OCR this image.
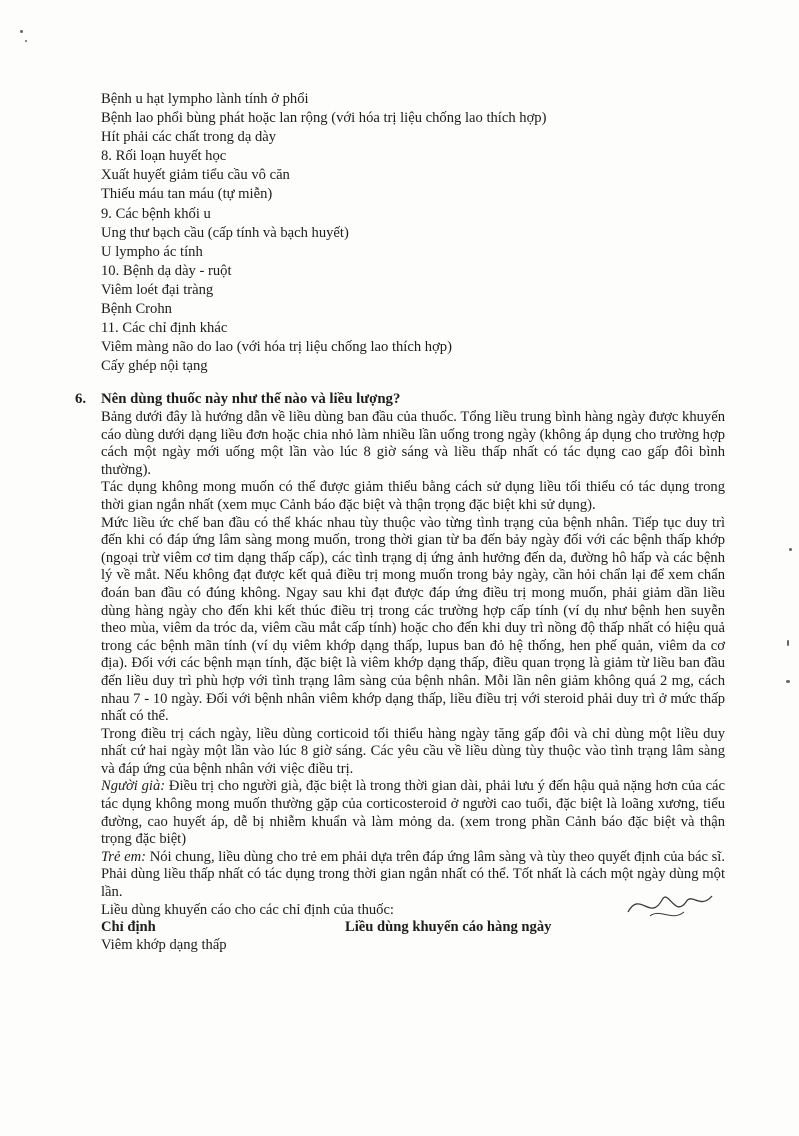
Bệnh u hạt lympho lành tính ở phổi
Bệnh lao phổi bùng phát hoặc lan rộng (với hóa trị liệu chống lao thích hợp)
Hít phải các chất trong dạ dày
8. Rối loạn huyết học
Xuất huyết giảm tiểu cầu vô căn
Thiếu máu tan máu (tự miễn)
9. Các bệnh khối u
Ung thư bạch cầu (cấp tính và bạch huyết)
U lympho ác tính
10. Bệnh dạ dày - ruột
Viêm loét đại tràng
Bệnh Crohn
11. Các chỉ định khác
Viêm màng não do lao (với hóa trị liệu chống lao thích hợp)
Cấy ghép nội tạng
6. Nên dùng thuốc này như thế nào và liều lượng?

Bảng dưới đây là hướng dẫn về liều dùng ban đầu của thuốc. Tổng liều trung bình hàng ngày được khuyến cáo dùng dưới dạng liều đơn hoặc chia nhỏ làm nhiều lần uống trong ngày (không áp dụng cho trường hợp cách một ngày mới uống một lần vào lúc 8 giờ sáng và liều thấp nhất có tác dụng cao gấp đôi bình thường).

Tác dụng không mong muốn có thể được giảm thiểu bằng cách sử dụng liều tối thiểu có tác dụng trong thời gian ngắn nhất (xem mục Cảnh báo đặc biệt và thận trọng đặc biệt khi sử dụng).

Mức liều ức chế ban đầu có thể khác nhau tùy thuộc vào từng tình trạng của bệnh nhân. Tiếp tục duy trì đến khi có đáp ứng lâm sàng mong muốn, trong thời gian từ ba đến bảy ngày đối với các bệnh thấp khớp (ngoại trừ viêm cơ tim dạng thấp cấp), các tình trạng dị ứng ảnh hưởng đến da, đường hô hấp và các bệnh lý về mắt. Nếu không đạt được kết quả điều trị mong muốn trong bảy ngày, cần hỏi chẩn lại để xem chẩn đoán ban đầu có đúng không. Ngay sau khi đạt được đáp ứng điều trị mong muốn, phải giảm dần liều dùng hàng ngày cho đến khi kết thúc điều trị trong các trường hợp cấp tính (ví dụ như bệnh hen suyễn theo mùa, viêm da tróc da, viêm cầu mắt cấp tính) hoặc cho đến khi duy trì nồng độ thấp nhất có hiệu quả trong các bệnh mãn tính (ví dụ viêm khớp dạng thấp, lupus ban đỏ hệ thống, hen phế quản, viêm da cơ địa). Đối với các bệnh mạn tính, đặc biệt là viêm khớp dạng thấp, điều quan trọng là giảm từ liều ban đầu đến liều duy trì phù hợp với tình trạng lâm sàng của bệnh nhân. Mỗi lần nên giảm không quá 2 mg, cách nhau 7 - 10 ngày. Đối với bệnh nhân viêm khớp dạng thấp, liều điều trị với steroid phải duy trì ở mức thấp nhất có thể.

Trong điều trị cách ngày, liều dùng corticoid tối thiểu hàng ngày tăng gấp đôi và chỉ dùng một liều duy nhất cứ hai ngày một lần vào lúc 8 giờ sáng. Các yêu cầu về liều dùng tùy thuộc vào tình trạng lâm sàng và đáp ứng của bệnh nhân với việc điều trị.

Người già: Điều trị cho người già, đặc biệt là trong thời gian dài, phải lưu ý đến hậu quả nặng hơn của các tác dụng không mong muốn thường gặp của corticosteroid ở người cao tuổi, đặc biệt là loãng xương, tiểu đường, cao huyết áp, dễ bị nhiễm khuẩn và làm mỏng da. (xem trong phần Cảnh báo đặc biệt và thận trọng đặc biệt)

Trẻ em: Nói chung, liều dùng cho trẻ em phải dựa trên đáp ứng lâm sàng và tùy theo quyết định của bác sĩ. Phải dùng liều thấp nhất có tác dụng trong thời gian ngắn nhất có thể. Tốt nhất là cách một ngày dùng một lần.

Liều dùng khuyến cáo cho các chỉ định của thuốc:

Chỉ định	Liều dùng khuyến cáo hàng ngày

Viêm khớp dạng thấp
